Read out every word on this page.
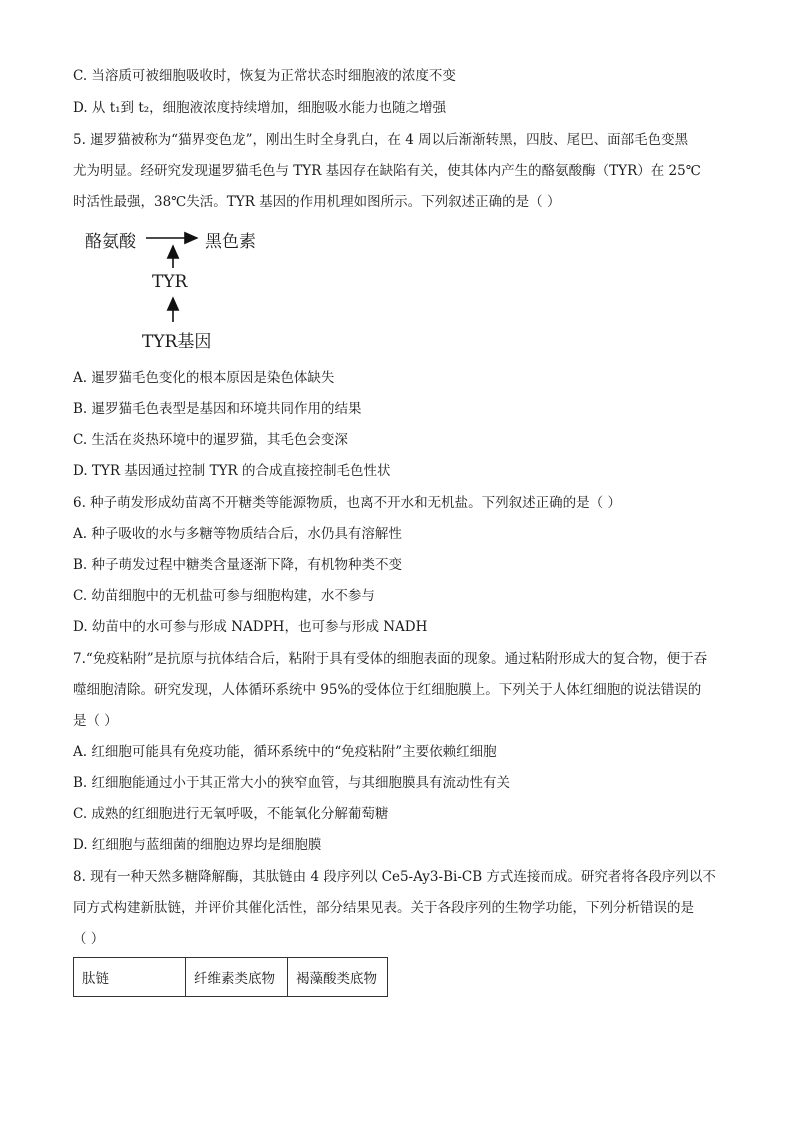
C. 当溶质可被细胞吸收时，恢复为正常状态时细胞液的浓度不变
D. 从 t₁到 t₂，细胞液浓度持续增加，细胞吸水能力也随之增强
5. 暹罗猫被称为“猫界变色龙”，刚出生时全身乳白，在 4 周以后渐渐转黑，四肢、尾巴、面部毛色变黑
尤为明显。经研究发现暹罗猫毛色与 TYR 基因存在缺陷有关，使其体内产生的酪氨酸酶（TYR）在 25℃
时活性最强，38℃失活。TYR 基因的作用机理如图所示。下列叙述正确的是（ ）
酪氨酸	黑色素
TYR
TYR基因
A. 暹罗猫毛色变化的根本原因是染色体缺失
B. 暹罗猫毛色表型是基因和环境共同作用的结果
C. 生活在炎热环境中的暹罗猫，其毛色会变深
D. TYR 基因通过控制 TYR 的合成直接控制毛色性状
6. 种子萌发形成幼苗离不开糖类等能源物质，也离不开水和无机盐。下列叙述正确的是（ ）
A. 种子吸收的水与多糖等物质结合后，水仍具有溶解性
B. 种子萌发过程中糖类含量逐渐下降，有机物种类不变
C. 幼苗细胞中的无机盐可参与细胞构建，水不参与
D. 幼苗中的水可参与形成 NADPH，也可参与形成 NADH
7.“免疫粘附”是抗原与抗体结合后，粘附于具有受体的细胞表面的现象。通过粘附形成大的复合物，便于吞
噬细胞清除。研究发现，人体循环系统中 95%的受体位于红细胞膜上。下列关于人体红细胞的说法错误的
是（ ）
A. 红细胞可能具有免疫功能，循环系统中的“免疫粘附”主要依赖红细胞
B. 红细胞能通过小于其正常大小的狭窄血管，与其细胞膜具有流动性有关
C. 成熟的红细胞进行无氧呼吸，不能氧化分解葡萄糖
D. 红细胞与蓝细菌的细胞边界均是细胞膜
8. 现有一种天然多糖降解酶，其肽链由 4 段序列以 Ce5-Ay3-Bi-CB 方式连接而成。研究者将各段序列以不
同方式构建新肽链，并评价其催化活性，部分结果见表。关于各段序列的生物学功能，下列分析错误的是
（ ）
肽链	纤维素类底物	褐藻酸类底物
